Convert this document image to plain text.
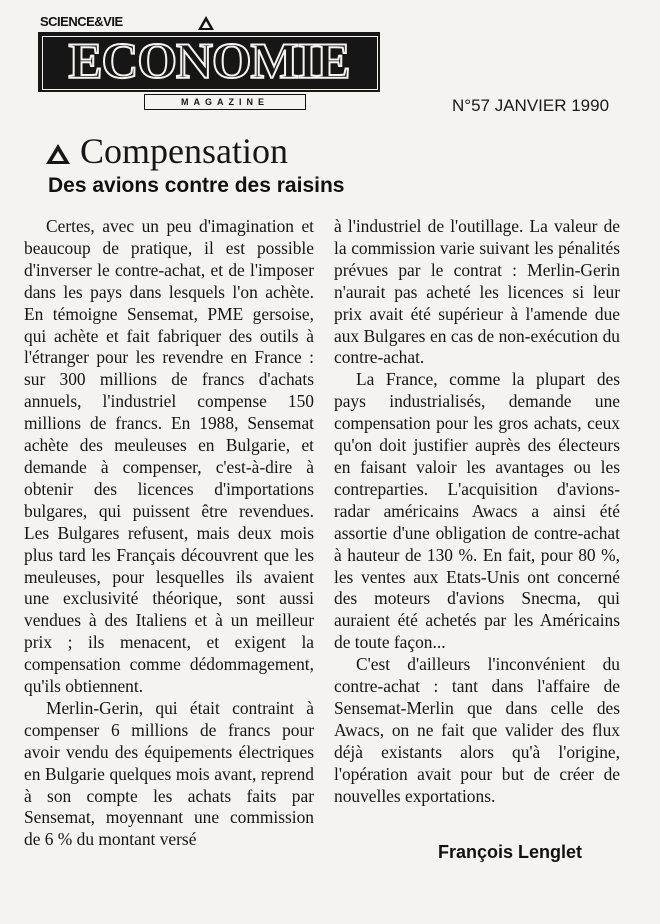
SCIENCE&VIE
ECONOMIE
MAGAZINE	N°57 JANVIER 1990
Compensation
Des avions contre des raisins

Certes, avec un peu d'imagination et beaucoup de pratique, il est possible d'inverser le contre-achat, et de l'imposer dans les pays dans lesquels l'on achète. En témoigne Sensemat, PME gersoise, qui achète et fait fabriquer des outils à l'étranger pour les revendre en France : sur 300 millions de francs d'achats annuels, l'industriel compense 150 millions de francs. En 1988, Sensemat achète des meuleuses en Bulgarie, et demande à compenser, c'est-à-dire à obtenir des licences d'importations bulgares, qui puissent être revendues. Les Bulgares refusent, mais deux mois plus tard les Français découvrent que les meuleuses, pour lesquelles ils avaient une exclusivité théorique, sont aussi vendues à des Italiens et à un meilleur prix ; ils menacent, et exigent la compensation comme dédommagement, qu'ils obtiennent.

Merlin-Gerin, qui était contraint à compenser 6 millions de francs pour avoir vendu des équipements électriques en Bulgarie quelques mois avant, reprend à son compte les achats faits par Sensemat, moyennant une commission de 6 % du montant versé

à l'industriel de l'outillage. La valeur de la commission varie suivant les pénalités prévues par le contrat : Merlin-Gerin n'aurait pas acheté les licences si leur prix avait été supérieur à l'amende due aux Bulgares en cas de non-exécution du contre-achat.

La France, comme la plupart des pays industrialisés, demande une compensation pour les gros achats, ceux qu'on doit justifier auprès des électeurs en faisant valoir les avantages ou les contreparties. L'acquisition d'avions-radar américains Awacs a ainsi été assortie d'une obligation de contre-achat à hauteur de 130 %. En fait, pour 80 %, les ventes aux Etats-Unis ont concerné des moteurs d'avions Snecma, qui auraient été achetés par les Américains de toute façon...

C'est d'ailleurs l'inconvénient du contre-achat : tant dans l'affaire de Sensemat-Merlin que dans celle des Awacs, on ne fait que valider des flux déjà existants alors qu'à l'origine, l'opération avait pour but de créer de nouvelles exportations.

François Lenglet
